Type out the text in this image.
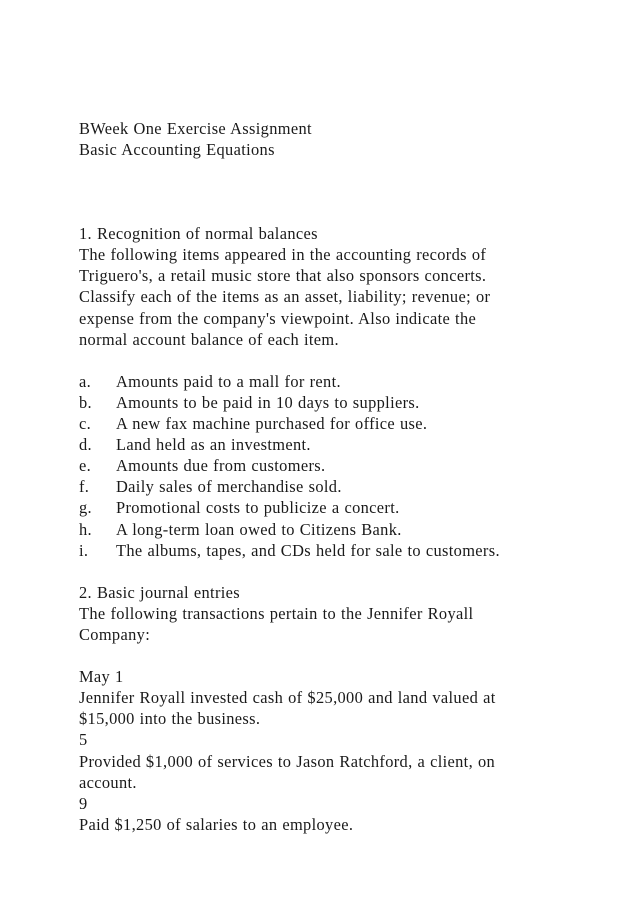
BWeek One Exercise Assignment
Basic Accounting Equations
1. Recognition of normal balances
The following items appeared in the accounting records of
Triguero's, a retail music store that also sponsors concerts.
Classify each of the items as an asset, liability; revenue; or
expense from the company's viewpoint. Also indicate the
normal account balance of each item.
a.	Amounts paid to a mall for rent.
b.	Amounts to be paid in 10 days to suppliers.
c.	A new fax machine purchased for office use.
d.	Land held as an investment.
e.	Amounts due from customers.
f.	Daily sales of merchandise sold.
g.	Promotional costs to publicize a concert.
h.	A long-term loan owed to Citizens Bank.
i.	The albums, tapes, and CDs held for sale to customers.
2. Basic journal entries
The following transactions pertain to the Jennifer Royall
Company:
May 1
Jennifer Royall invested cash of $25,000 and land valued at
$15,000 into the business.
5
Provided $1,000 of services to Jason Ratchford, a client, on
account.
9
Paid $1,250 of salaries to an employee.
